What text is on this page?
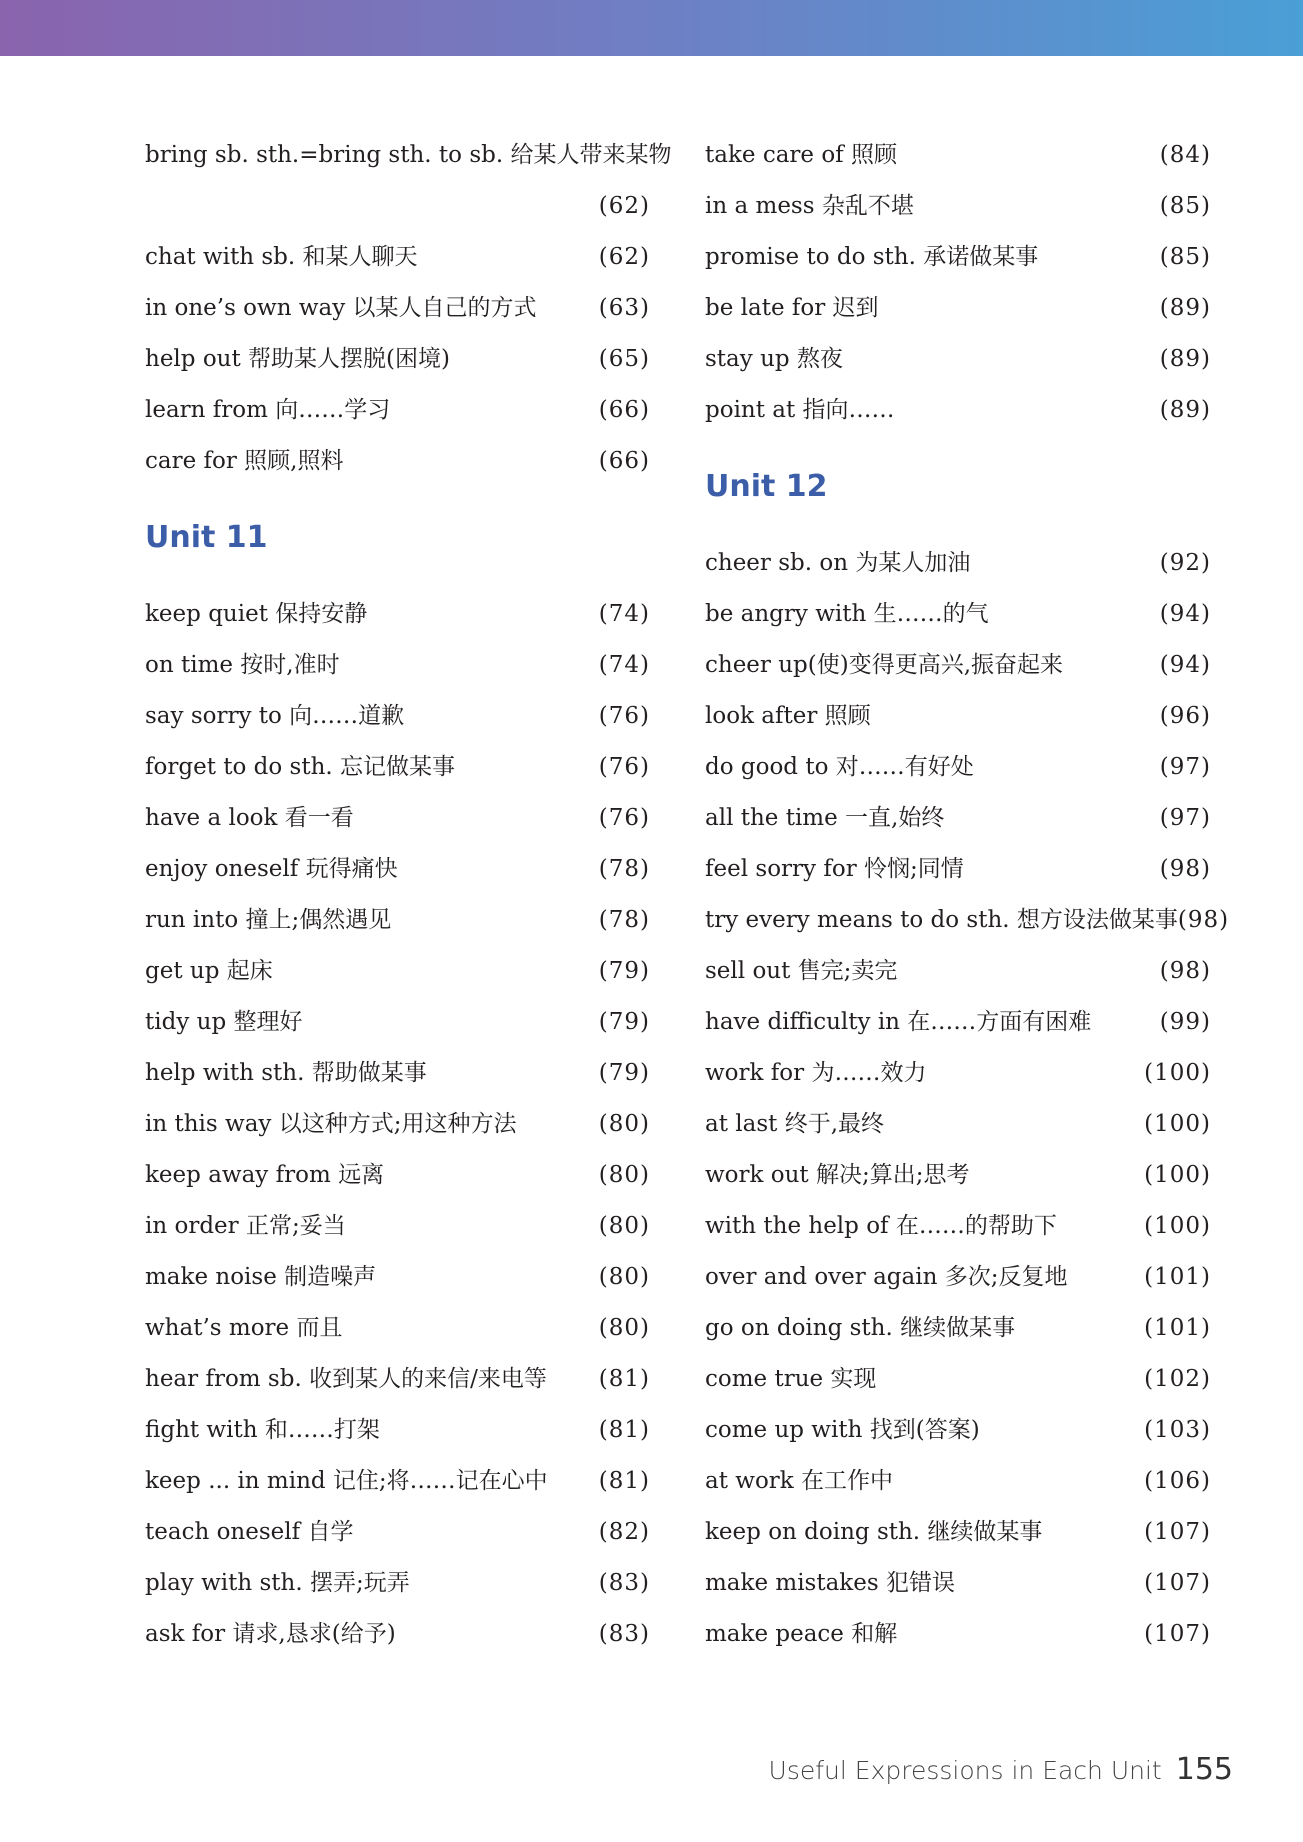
bring sb. sth.=bring sth. to sb. 给某人带来某物
(62)
chat with sb. 和某人聊天	(62)
in one’s own way 以某人自己的方式	(63)
help out 帮助某人摆脱(困境)	(65)
learn from 向……学习	(66)
care for 照顾,照料	(66)
Unit 11
keep quiet 保持安静	(74)
on time 按时,准时	(74)
say sorry to 向……道歉	(76)
forget to do sth. 忘记做某事	(76)
have a look 看一看	(76)
enjoy oneself 玩得痛快	(78)
run into 撞上;偶然遇见	(78)
get up 起床	(79)
tidy up 整理好	(79)
help with sth. 帮助做某事	(79)
in this way 以这种方式;用这种方法	(80)
keep away from 远离	(80)
in order 正常;妥当	(80)
make noise 制造噪声	(80)
what’s more 而且	(80)
hear from sb. 收到某人的来信/来电等	(81)
fight with 和……打架	(81)
keep ... in mind 记住;将……记在心中	(81)
teach oneself 自学	(82)
play with sth. 摆弄;玩弄	(83)
ask for 请求,恳求(给予)	(83)
take care of 照顾	(84)
in a mess 杂乱不堪	(85)
promise to do sth. 承诺做某事	(85)
be late for 迟到	(89)
stay up 熬夜	(89)
point at 指向……	(89)
Unit 12
cheer sb. on 为某人加油	(92)
be angry with 生……的气	(94)
cheer up(使)变得更高兴,振奋起来	(94)
look after 照顾	(96)
do good to 对……有好处	(97)
all the time 一直,始终	(97)
feel sorry for 怜悯;同情	(98)
try every means to do sth. 想方设法做某事 (98)
sell out 售完;卖完	(98)
have difficulty in 在……方面有困难	(99)
work for 为……效力	(100)
at last 终于,最终	(100)
work out 解决;算出;思考	(100)
with the help of 在……的帮助下	(100)
over and over again 多次;反复地	(101)
go on doing sth. 继续做某事	(101)
come true 实现	(102)
come up with 找到(答案)	(103)
at work 在工作中	(106)
keep on doing sth. 继续做某事	(107)
make mistakes 犯错误	(107)
make peace 和解	(107)
Useful Expressions in Each Unit 155
